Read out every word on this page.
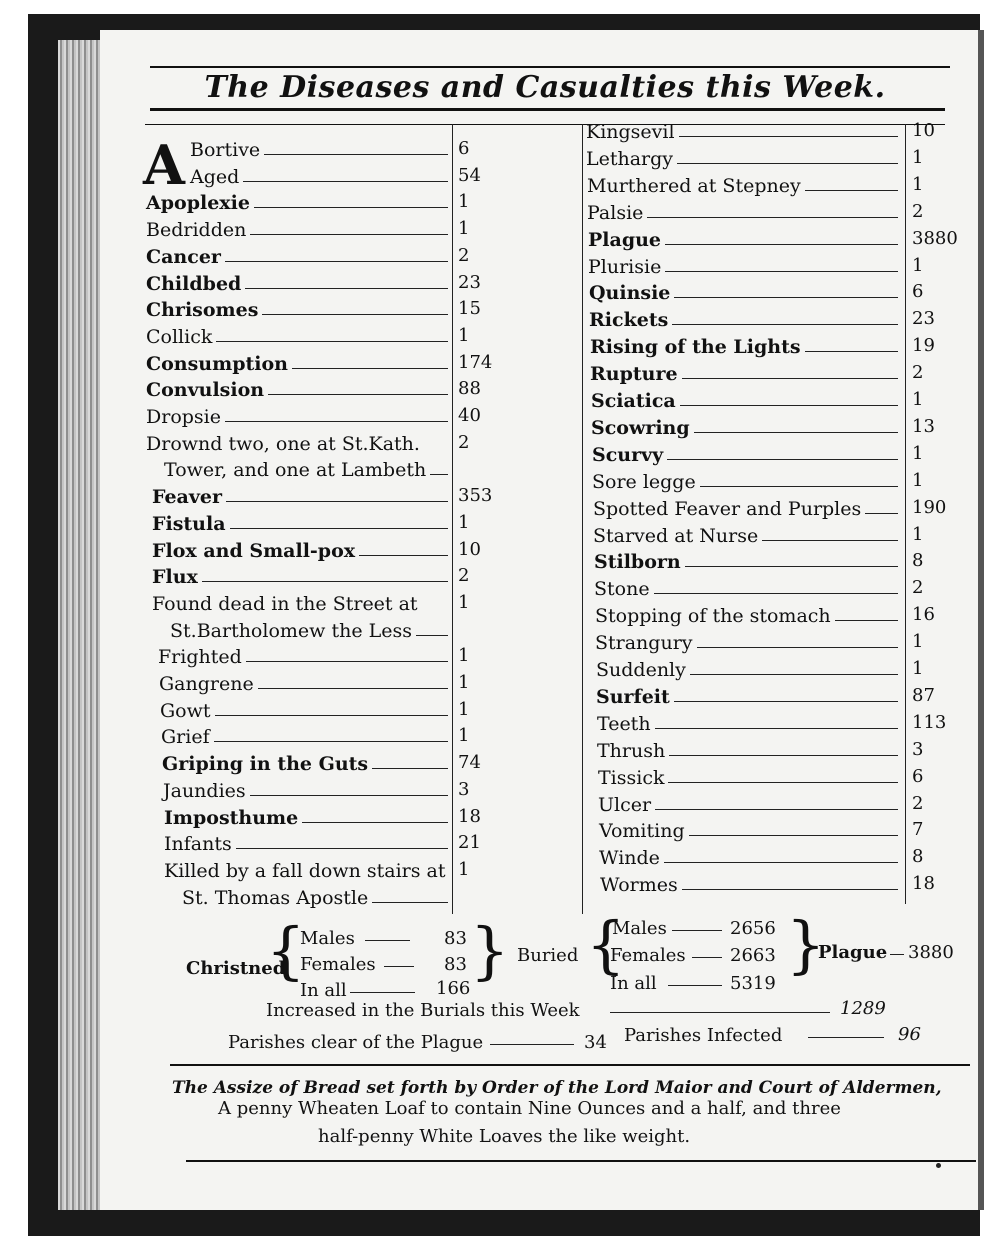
The Diseases and Casualties this Week.
A Bortive	6
Aged	54
Apoplexie	1
Bedridden	1
Cancer	2
Childbed	23
Chrisomes	15
Collick	1
Consumption	174
Convulsion	88
Dropsie	40
Drownd two, one at St.Kath. 2
Tower, and one at Lambeth
Feaver	353
Fistula	1
Flox and Small-pox	10
Flux	2
Found dead in the Street at 1
St.Bartholomew the Less
Frighted	1
Gangrene	1
Gowt	1
Grief	1
Griping in the Guts	74
Jaundies	3
Imposthume	18
Infants	21
Killed by a fall down stairs at 1
St. Thomas Apostle
Kingsevil	10
Lethargy	1
Murthered at Stepney	1
Palsie	2
Plague	3880
Plurisie	1
Quinsie	6
Rickets	23
Rising of the Lights	19
Rupture	2
Sciatica	1
Scowring	13
Scurvy	1
Sore legge	1
Spotted Feaver and Purples	190
Starved at Nurse	1
Stilborn	8
Stone	2
Stopping of the stomach	16
Strangury	1
Suddenly	1
Surfeit	87
Teeth	113
Thrush	3
Tissick	6
Ulcer	2
Vomiting	7
Winde	8
Wormes	18
Christned
{
Males	83
Females	83
In all	166
} Buried {
Males	2656
Females 2663
In all	5319
}
Plague 3880
Increased in the Burials this Week	1289
Parishes clear of the Plague	34 Parishes Infected	96
The Assize of Bread set forth by Order of the Lord Maior and Court of Aldermen,
A penny Wheaten Loaf to contain Nine Ounces and a half, and three
half-penny White Loaves the like weight.
